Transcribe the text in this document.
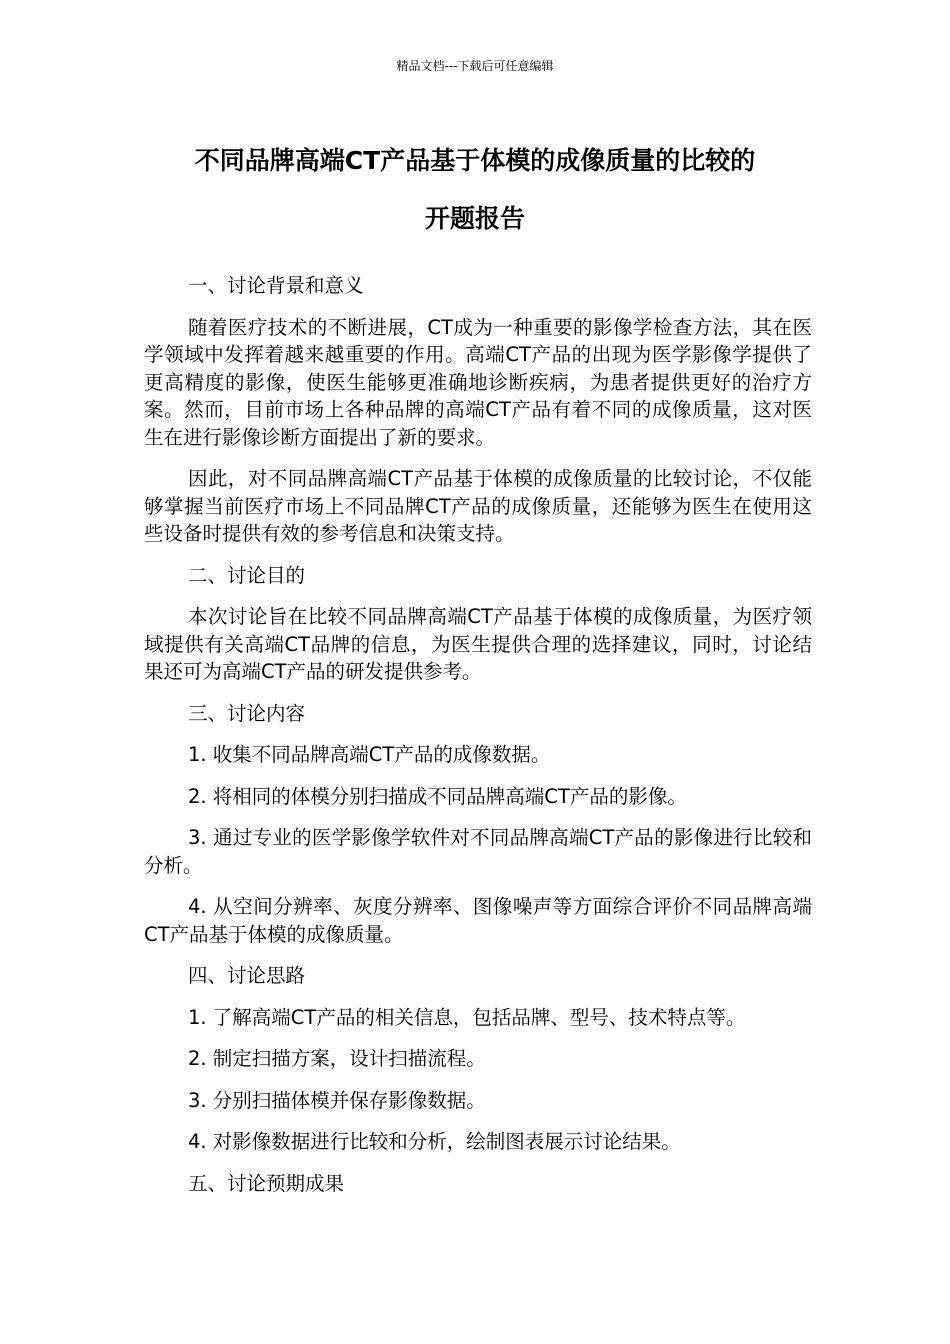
精品文档---下载后可任意编辑
不同品牌高端CT产品基于体模的成像质量的比较的
开题报告

一、讨论背景和意义

随着医疗技术的不断进展，CT成为一种重要的影像学检查方法，其在医学领域中发挥着越来越重要的作用。高端CT产品的出现为医学影像学提供了更高精度的影像，使医生能够更准确地诊断疾病，为患者提供更好的治疗方案。然而，目前市场上各种品牌的高端CT产品有着不同的成像质量，这对医生在进行影像诊断方面提出了新的要求。

因此，对不同品牌高端CT产品基于体模的成像质量的比较讨论，不仅能够掌握当前医疗市场上不同品牌CT产品的成像质量，还能够为医生在使用这些设备时提供有效的参考信息和决策支持。

二、讨论目的

本次讨论旨在比较不同品牌高端CT产品基于体模的成像质量，为医疗领域提供有关高端CT品牌的信息，为医生提供合理的选择建议，同时，讨论结果还可为高端CT产品的研发提供参考。

三、讨论内容

1. 收集不同品牌高端CT产品的成像数据。

2. 将相同的体模分别扫描成不同品牌高端CT产品的影像。

3. 通过专业的医学影像学软件对不同品牌高端CT产品的影像进行比较和分析。

4. 从空间分辨率、灰度分辨率、图像噪声等方面综合评价不同品牌高端CT产品基于体模的成像质量。

四、讨论思路

1. 了解高端CT产品的相关信息，包括品牌、型号、技术特点等。

2. 制定扫描方案，设计扫描流程。

3. 分别扫描体模并保存影像数据。

4. 对影像数据进行比较和分析，绘制图表展示讨论结果。

五、讨论预期成果
